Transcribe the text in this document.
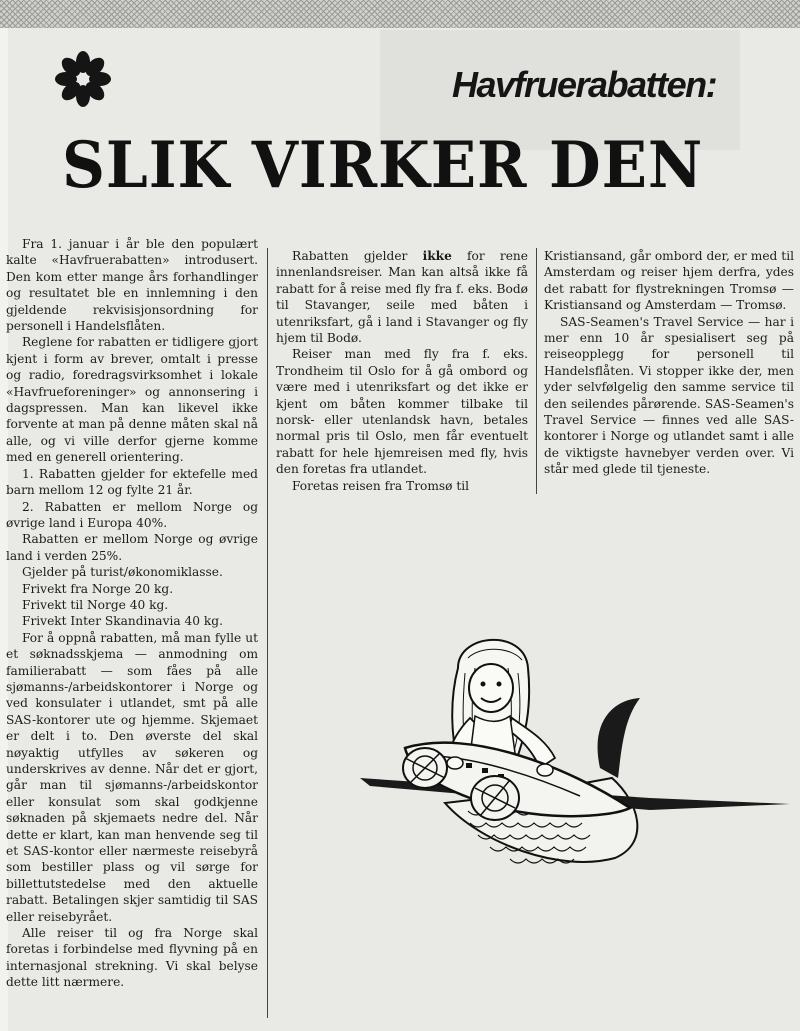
Havfruerabatten:
SLIK VIRKER DEN

Fra 1. januar i år ble den populært kalte «Havfruerabatten» introdusert. Den kom etter mange års forhandlinger og resultatet ble en innlemning i den gjeldende rekvisisjonsordning for personell i Handelsflåten.

Reglene for rabatten er tidligere gjort kjent i form av brever, omtalt i presse og radio, foredragsvirksomhet i lokale «Havfrueforeninger» og annonsering i dagspressen. Man kan likevel ikke forvente at man på denne måten skal nå alle, og vi ville derfor gjerne komme med en generell orientering.

1. Rabatten gjelder for ektefelle med barn mellom 12 og fylte 21 år.

2. Rabatten er mellom Norge og øvrige land i Europa 40%.

Rabatten er mellom Norge og øvrige land i verden 25%.

Gjelder på turist/økonomiklasse.

Frivekt fra Norge 20 kg.

Frivekt til Norge 40 kg.

Frivekt Inter Skandinavia 40 kg.

For å oppnå rabatten, må man fylle ut et søknadsskjema — anmodning om familierabatt — som fåes på alle sjømanns-/arbeidskontorer i Norge og ved konsulater i utlandet, smt på alle SAS-kontorer ute og hjemme. Skjemaet er delt i to. Den øverste del skal nøyaktig utfylles av søkeren og underskrives av denne. Når det er gjort, går man til sjømanns-/arbeidskontor eller konsulat som skal godkjenne søknaden på skjemaets nedre del. Når dette er klart, kan man henvende seg til et SAS-kontor eller nærmeste reisebyrå som bestiller plass og vil sørge for billettutstedelse med den aktuelle rabatt. Betalingen skjer samtidig til SAS eller reisebyrået.

Alle reiser til og fra Norge skal foretas i forbindelse med flyvning på en internasjonal strekning. Vi skal belyse dette litt nærmere.

Rabatten gjelder ikke for rene innenlandsreiser. Man kan altså ikke få rabatt for å reise med fly fra f. eks. Bodø til Stavanger, seile med båten i utenriksfart, gå i land i Stavanger og fly hjem til Bodø.

Reiser man med fly fra f. eks. Trondheim til Oslo for å gå ombord og være med i utenriksfart og det ikke er kjent om båten kommer tilbake til norsk- eller utenlandsk havn, betales normal pris til Oslo, men får eventuelt rabatt for hele hjemreisen med fly, hvis den foretas fra utlandet.

Foretas reisen fra Tromsø til

Kristiansand, går ombord der, er med til Amsterdam og reiser hjem derfra, ydes det rabatt for flystrekningen Tromsø — Kristiansand og Amsterdam — Tromsø.

SAS-Seamen's Travel Service — har i mer enn 10 år spesialisert seg på reiseopplegg for personell til Handelsflåten. Vi stopper ikke der, men yder selvfølgelig den samme service til den seilendes pårørende. SAS-Seamen's Travel Service — finnes ved alle SAS-kontorer i Norge og utlandet samt i alle de viktigste havnebyer verden over. Vi står med glede til tjeneste.
